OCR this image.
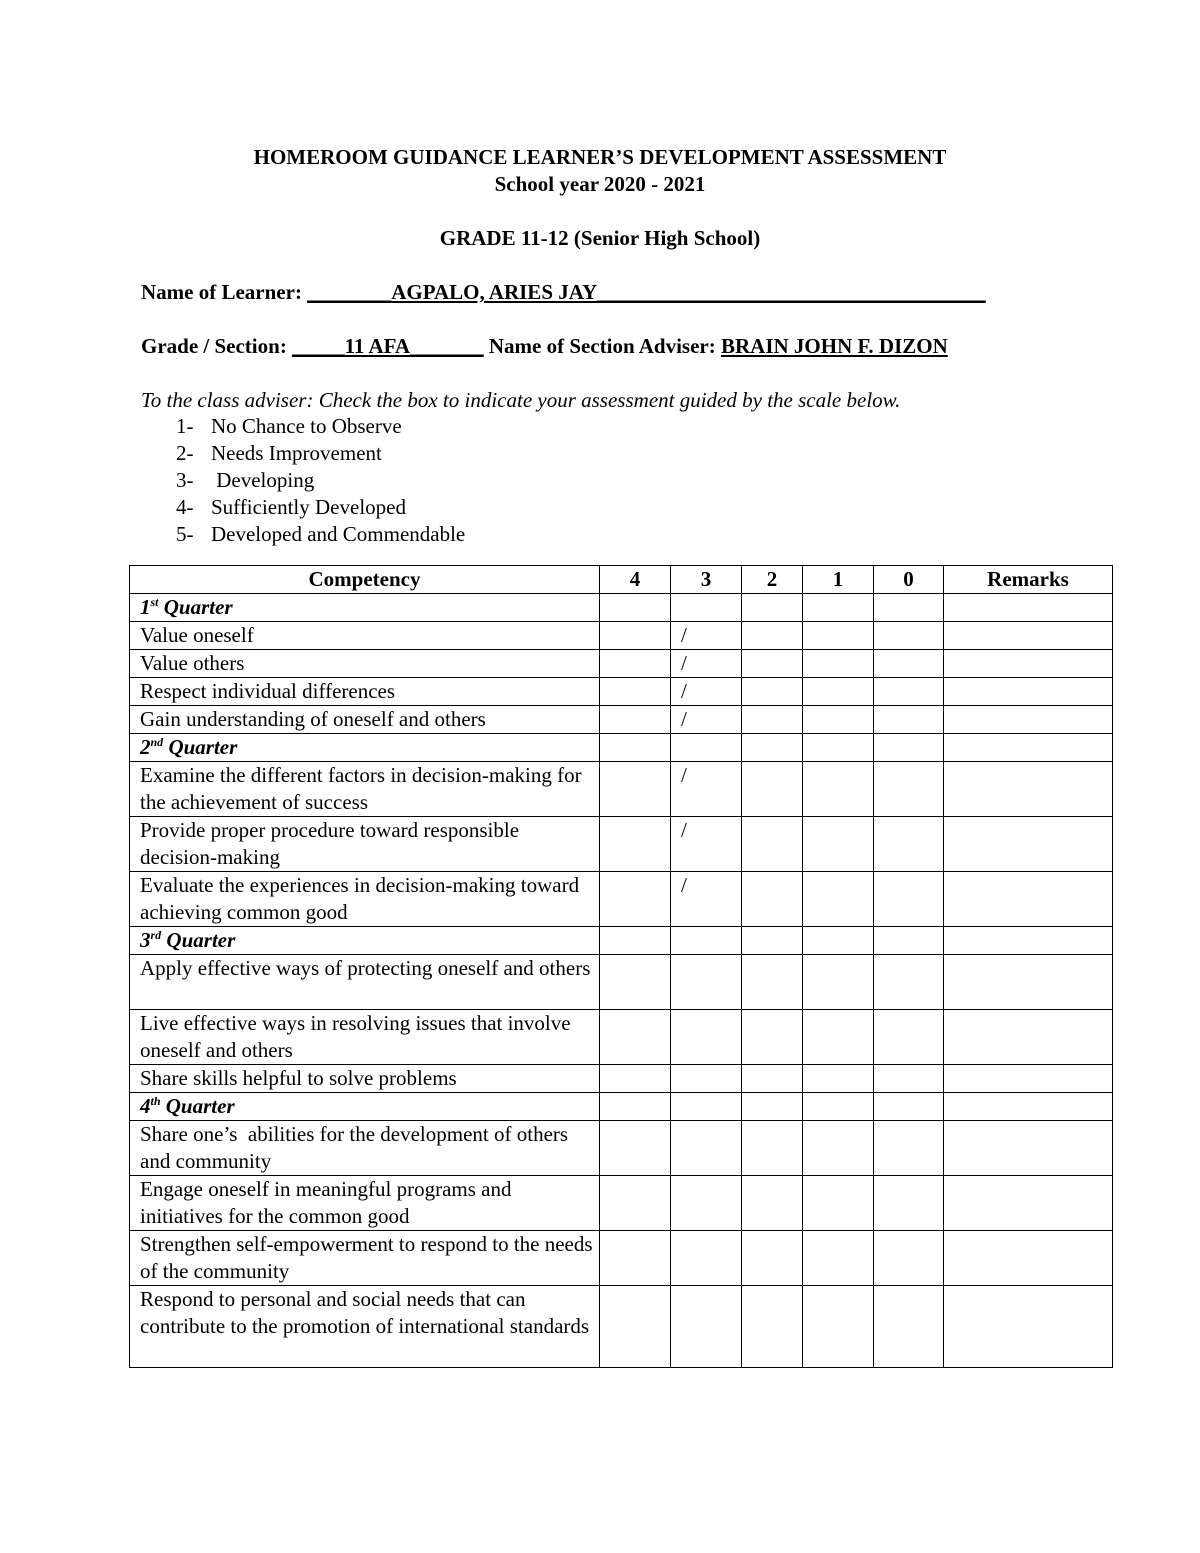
HOMEROOM GUIDANCE LEARNER’S DEVELOPMENT ASSESSMENT
School year 2020 - 2021
GRADE 11-12 (Senior High School)
Name of Learner: ________AGPALO, ARIES JAY_____________________________________
Grade / Section: _____11 AFA_______ Name of Section Adviser: BRAIN JOHN F. DIZON
To the class adviser: Check the box to indicate your assessment guided by the scale below.
1- No Chance to Observe
2- Needs Improvement
3- Developing
4- Sufficiently Developed
5- Developed and Commendable
Competency	4	3	2	1	0	Remarks
1st Quarter						
Value oneself		/				
Value others		/				
Respect individual differences		/				
Gain understanding of oneself and others		/				
2nd Quarter						
Examine the different factors in decision-making for the achievement of success		/				
Provide proper procedure toward responsible decision-making		/				
Evaluate the experiences in decision-making toward achieving common good		/				
3rd Quarter						
Apply effective ways of protecting oneself and others						
Live effective ways in resolving issues that involve oneself and others						
Share skills helpful to solve problems						
4th Quarter						
Share one’s  abilities for the development of others and community						
Engage oneself in meaningful programs and initiatives for the common good						
Strengthen self-empowerment to respond to the needs of the community						
Respond to personal and social needs that can contribute to the promotion of international standards						
